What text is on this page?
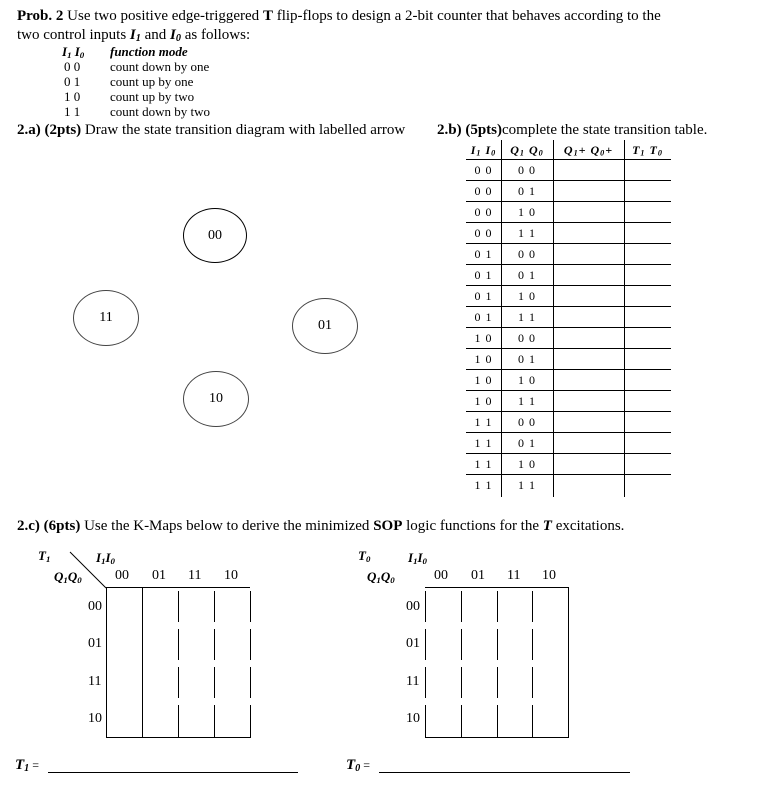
Prob. 2 Use two positive edge-triggered T flip-flops to design a 2-bit counter that behaves according to the
two control inputs $I_1$ and $I_0$ as follows:
$I_1$ $I_0$ function mode
0 0 count down by one
0 1 count up by one
1 0 count up by two
1 1 count down by two
2.a) (2pts) Draw the state transition diagram with labelled arrow 2.b) (5pts)complete the state transition table.
00
11
01
10
$I_1$ $I_0$	$Q_1$ $Q_0$	$Q_1+ Q_0+$	$T_1$ $T_0$
0 0	0 0
0 0	0 1
0 0	1 0
0 0	1 1
0 1	0 0
0 1	0 1
0 1	1 0
0 1	1 1
1 0	0 0
1 0	0 1
1 0	1 0
1 0	1 1
1 1	0 0
1 1	0 1
1 1	1 0
1 1	1 1
2.c) (6pts) Use the K-Maps below to derive the minimized SOP logic functions for the T excitations.
$T_1$	$I_1I_0$
$Q_1Q_0$ 00 01 11 10
00
01
11
10
$T_0$	$I_1I_0$
$Q_1Q_0$	00 01 11 10
00
01
11
10
$T_1$ =	$T_0$ =
